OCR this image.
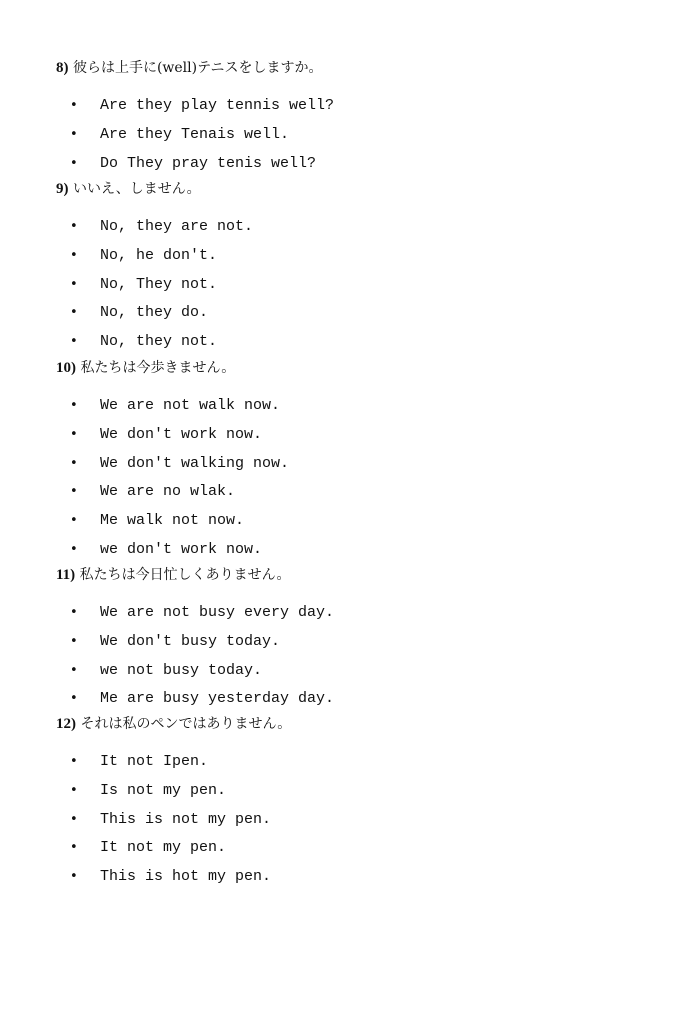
8) 彼らは上手に(well)テニスをしますか。

• Are they play tennis well?
• Are they Tenais well.
• Do They pray tenis well?

9) いいえ、しません。

• No, they are not.
• No, he don't.
• No, They not.
• No, they do.
• No, they not.

10) 私たちは今歩きません。

• We are not walk now.
• We don't work now.
• We don't walking now.
• We are no wlak.
• Me walk not now.
• we don't work now.

11) 私たちは今日忙しくありません。

• We are not busy every day.
• We don't busy today.
• we not busy today.
• Me are busy yesterday day.

12) それは私のペンではありません。

• It not Ipen.
• Is not my pen.
• This is not my pen.
• It not my pen.
• This is hot my pen.
